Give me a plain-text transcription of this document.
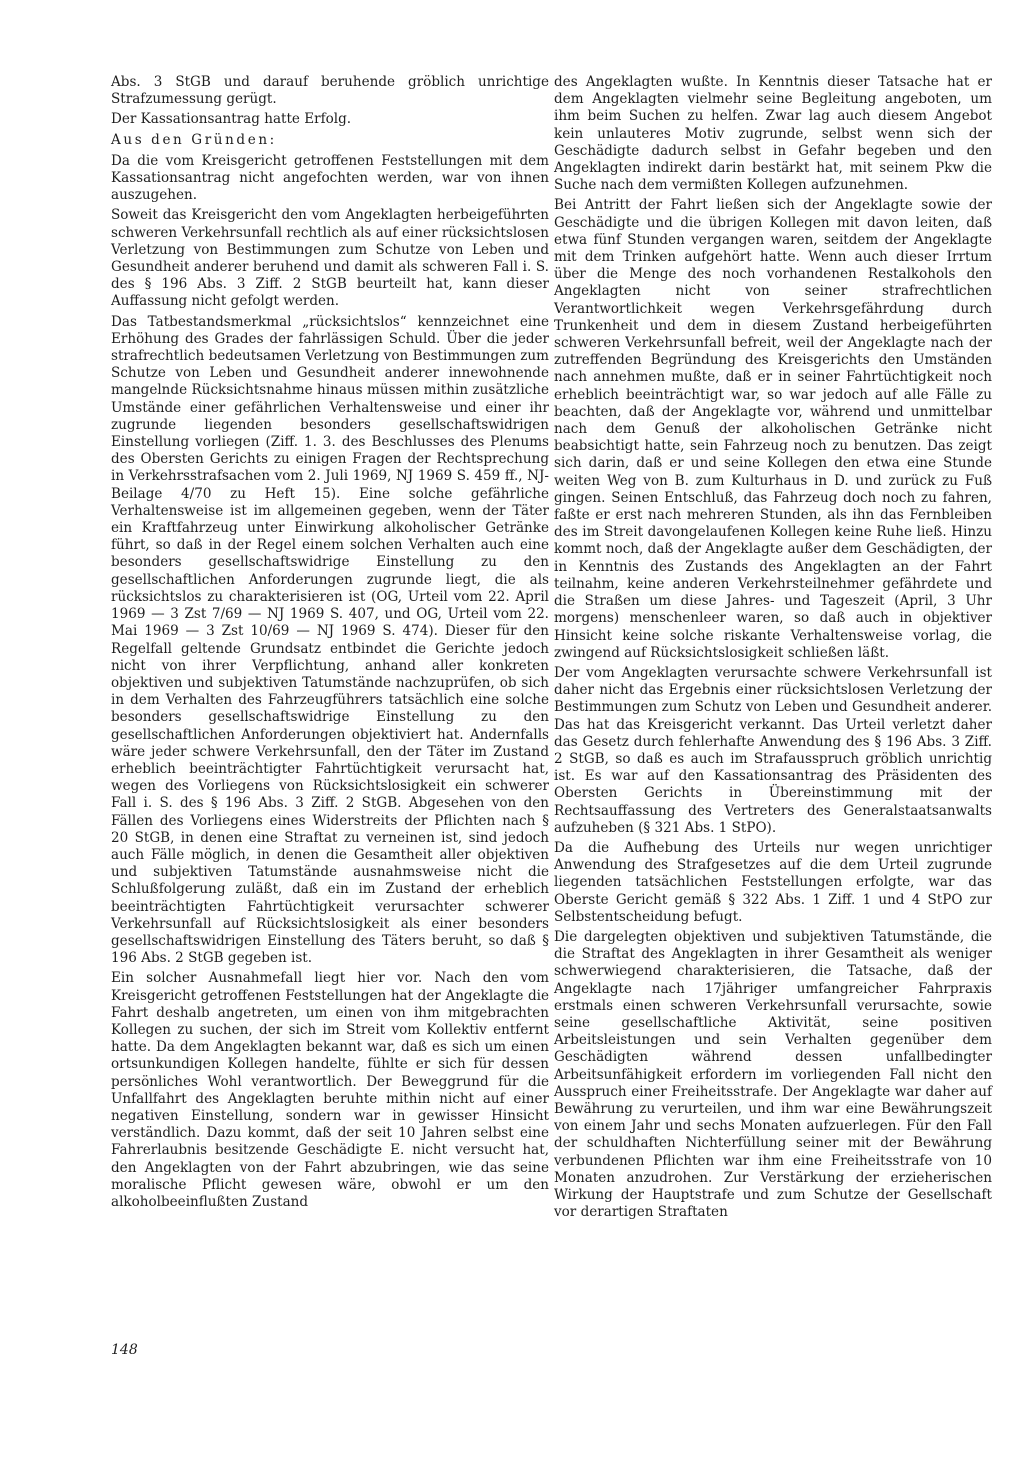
Abs. 3 StGB und darauf beruhende gröblich unrichtige Strafzumessung gerügt.

Der Kassationsantrag hatte Erfolg.

Aus den Gründen:

Da die vom Kreisgericht getroffenen Feststellungen mit dem Kassationsantrag nicht angefochten werden, war von ihnen auszugehen.

Soweit das Kreisgericht den vom Angeklagten herbeigeführten schweren Verkehrsunfall rechtlich als auf einer rücksichtslosen Verletzung von Bestimmungen zum Schutze von Leben und Gesundheit anderer beruhend und damit als schweren Fall i. S. des § 196 Abs. 3 Ziff. 2 StGB beurteilt hat, kann dieser Auffassung nicht gefolgt werden.

Das Tatbestandsmerkmal „rücksichtslos“ kennzeichnet eine Erhöhung des Grades der fahrlässigen Schuld. Über die jeder strafrechtlich bedeutsamen Verletzung von Bestimmungen zum Schutze von Leben und Gesundheit anderer innewohnende mangelnde Rücksichtsnahme hinaus müssen mithin zusätzliche Umstände einer gefährlichen Verhaltensweise und einer ihr zugrunde liegenden besonders gesellschaftswidrigen Einstellung vorliegen (Ziff. 1. 3. des Beschlusses des Plenums des Obersten Gerichts zu einigen Fragen der Rechtsprechung in Verkehrsstrafsachen vom 2. Juli 1969, NJ 1969 S. 459 ff., NJ-Beilage 4/70 zu Heft 15). Eine solche gefährliche Verhaltensweise ist im allgemeinen gegeben, wenn der Täter ein Kraftfahrzeug unter Einwirkung alkoholischer Getränke führt, so daß in der Regel einem solchen Verhalten auch eine besonders gesellschaftswidrige Einstellung zu den gesellschaftlichen Anforderungen zugrunde liegt, die als rücksichtslos zu charakterisieren ist (OG, Urteil vom 22. April 1969 — 3 Zst 7/69 — NJ 1969 S. 407, und OG, Urteil vom 22. Mai 1969 — 3 Zst 10/69 — NJ 1969 S. 474). Dieser für den Regelfall geltende Grundsatz entbindet die Gerichte jedoch nicht von ihrer Verpflichtung, anhand aller konkreten objektiven und subjektiven Tatumstände nachzuprüfen, ob sich in dem Verhalten des Fahrzeugführers tatsächlich eine solche besonders gesellschaftswidrige Einstellung zu den gesellschaftlichen Anforderungen objektiviert hat. Andernfalls wäre jeder schwere Verkehrsunfall, den der Täter im Zustand erheblich beeinträchtigter Fahrtüchtigkeit verursacht hat, wegen des Vorliegens von Rücksichtslosigkeit ein schwerer Fall i. S. des § 196 Abs. 3 Ziff. 2 StGB. Abgesehen von den Fällen des Vorliegens eines Widerstreits der Pflichten nach § 20 StGB, in denen eine Straftat zu verneinen ist, sind jedoch auch Fälle möglich, in denen die Gesamtheit aller objektiven und subjektiven Tatumstände ausnahmsweise nicht die Schlußfolgerung zuläßt, daß ein im Zustand der erheblich beeinträchtigten Fahrtüchtigkeit verursachter schwerer Verkehrsunfall auf Rücksichtslosigkeit als einer besonders gesellschaftswidrigen Einstellung des Täters beruht, so daß § 196 Abs. 2 StGB gegeben ist.

Ein solcher Ausnahmefall liegt hier vor. Nach den vom Kreisgericht getroffenen Feststellungen hat der Angeklagte die Fahrt deshalb angetreten, um einen von ihm mitgebrachten Kollegen zu suchen, der sich im Streit vom Kollektiv entfernt hatte. Da dem Angeklagten bekannt war, daß es sich um einen ortsunkundigen Kollegen handelte, fühlte er sich für dessen persönliches Wohl verantwortlich. Der Beweggrund für die Unfallfahrt des Angeklagten beruhte mithin nicht auf einer negativen Einstellung, sondern war in gewisser Hinsicht verständlich. Dazu kommt, daß der seit 10 Jahren selbst eine Fahrerlaubnis besitzende Geschädigte E. nicht versucht hat, den Angeklagten von der Fahrt abzubringen, wie das seine moralische Pflicht gewesen wäre, obwohl er um den alkoholbeeinflußten Zustand

des Angeklagten wußte. In Kenntnis dieser Tatsache hat er dem Angeklagten vielmehr seine Begleitung angeboten, um ihm beim Suchen zu helfen. Zwar lag auch diesem Angebot kein unlauteres Motiv zugrunde, selbst wenn sich der Geschädigte dadurch selbst in Gefahr begeben und den Angeklagten indirekt darin bestärkt hat, mit seinem Pkw die Suche nach dem vermißten Kollegen aufzunehmen.

Bei Antritt der Fahrt ließen sich der Angeklagte sowie der Geschädigte und die übrigen Kollegen mit davon leiten, daß etwa fünf Stunden vergangen waren, seitdem der Angeklagte mit dem Trinken aufgehört hatte. Wenn auch dieser Irrtum über die Menge des noch vorhandenen Restalkohols den Angeklagten nicht von seiner strafrechtlichen Verantwortlichkeit wegen Verkehrsgefährdung durch Trunkenheit und dem in diesem Zustand herbeigeführten schweren Verkehrsunfall befreit, weil der Angeklagte nach der zutreffenden Begründung des Kreisgerichts den Umständen nach annehmen mußte, daß er in seiner Fahrtüchtigkeit noch erheblich beeinträchtigt war, so war jedoch auf alle Fälle zu beachten, daß der Angeklagte vor, während und unmittelbar nach dem Genuß der alkoholischen Getränke nicht beabsichtigt hatte, sein Fahrzeug noch zu benutzen. Das zeigt sich darin, daß er und seine Kollegen den etwa eine Stunde weiten Weg von B. zum Kulturhaus in D. und zurück zu Fuß gingen. Seinen Entschluß, das Fahrzeug doch noch zu fahren, faßte er erst nach mehreren Stunden, als ihn das Fernbleiben des im Streit davongelaufenen Kollegen keine Ruhe ließ. Hinzu kommt noch, daß der Angeklagte außer dem Geschädigten, der in Kenntnis des Zustands des Angeklagten an der Fahrt teilnahm, keine anderen Verkehrsteilnehmer gefährdete und die Straßen um diese Jahres- und Tageszeit (April, 3 Uhr morgens) menschenleer waren, so daß auch in objektiver Hinsicht keine solche riskante Verhaltensweise vorlag, die zwingend auf Rücksichtslosigkeit schließen läßt.

Der vom Angeklagten verursachte schwere Verkehrsunfall ist daher nicht das Ergebnis einer rücksichtslosen Verletzung der Bestimmungen zum Schutz von Leben und Gesundheit anderer. Das hat das Kreisgericht verkannt. Das Urteil verletzt daher das Gesetz durch fehlerhafte Anwendung des § 196 Abs. 3 Ziff. 2 StGB, so daß es auch im Strafausspruch gröblich unrichtig ist. Es war auf den Kassationsantrag des Präsidenten des Obersten Gerichts in Übereinstimmung mit der Rechtsauffassung des Vertreters des Generalstaatsanwalts aufzuheben (§ 321 Abs. 1 StPO).

Da die Aufhebung des Urteils nur wegen unrichtiger Anwendung des Strafgesetzes auf die dem Urteil zugrunde liegenden tatsächlichen Feststellungen erfolgte, war das Oberste Gericht gemäß § 322 Abs. 1 Ziff. 1 und 4 StPO zur Selbstentscheidung befugt.

Die dargelegten objektiven und subjektiven Tatumstände, die die Straftat des Angeklagten in ihrer Gesamtheit als weniger schwerwiegend charakterisieren, die Tatsache, daß der Angeklagte nach 17jähriger umfangreicher Fahrpraxis erstmals einen schweren Verkehrsunfall verursachte, sowie seine gesellschaftliche Aktivität, seine positiven Arbeitsleistungen und sein Verhalten gegenüber dem Geschädigten während dessen unfallbedingter Arbeitsunfähigkeit erfordern im vorliegenden Fall nicht den Ausspruch einer Freiheitsstrafe. Der Angeklagte war daher auf Bewährung zu verurteilen, und ihm war eine Bewährungszeit von einem Jahr und sechs Monaten aufzuerlegen. Für den Fall der schuldhaften Nichterfüllung seiner mit der Bewährung verbundenen Pflichten war ihm eine Freiheitsstrafe von 10 Monaten anzudrohen. Zur Verstärkung der erzieherischen Wirkung der Hauptstrafe und zum Schutze der Gesellschaft vor derartigen Straftaten

148
